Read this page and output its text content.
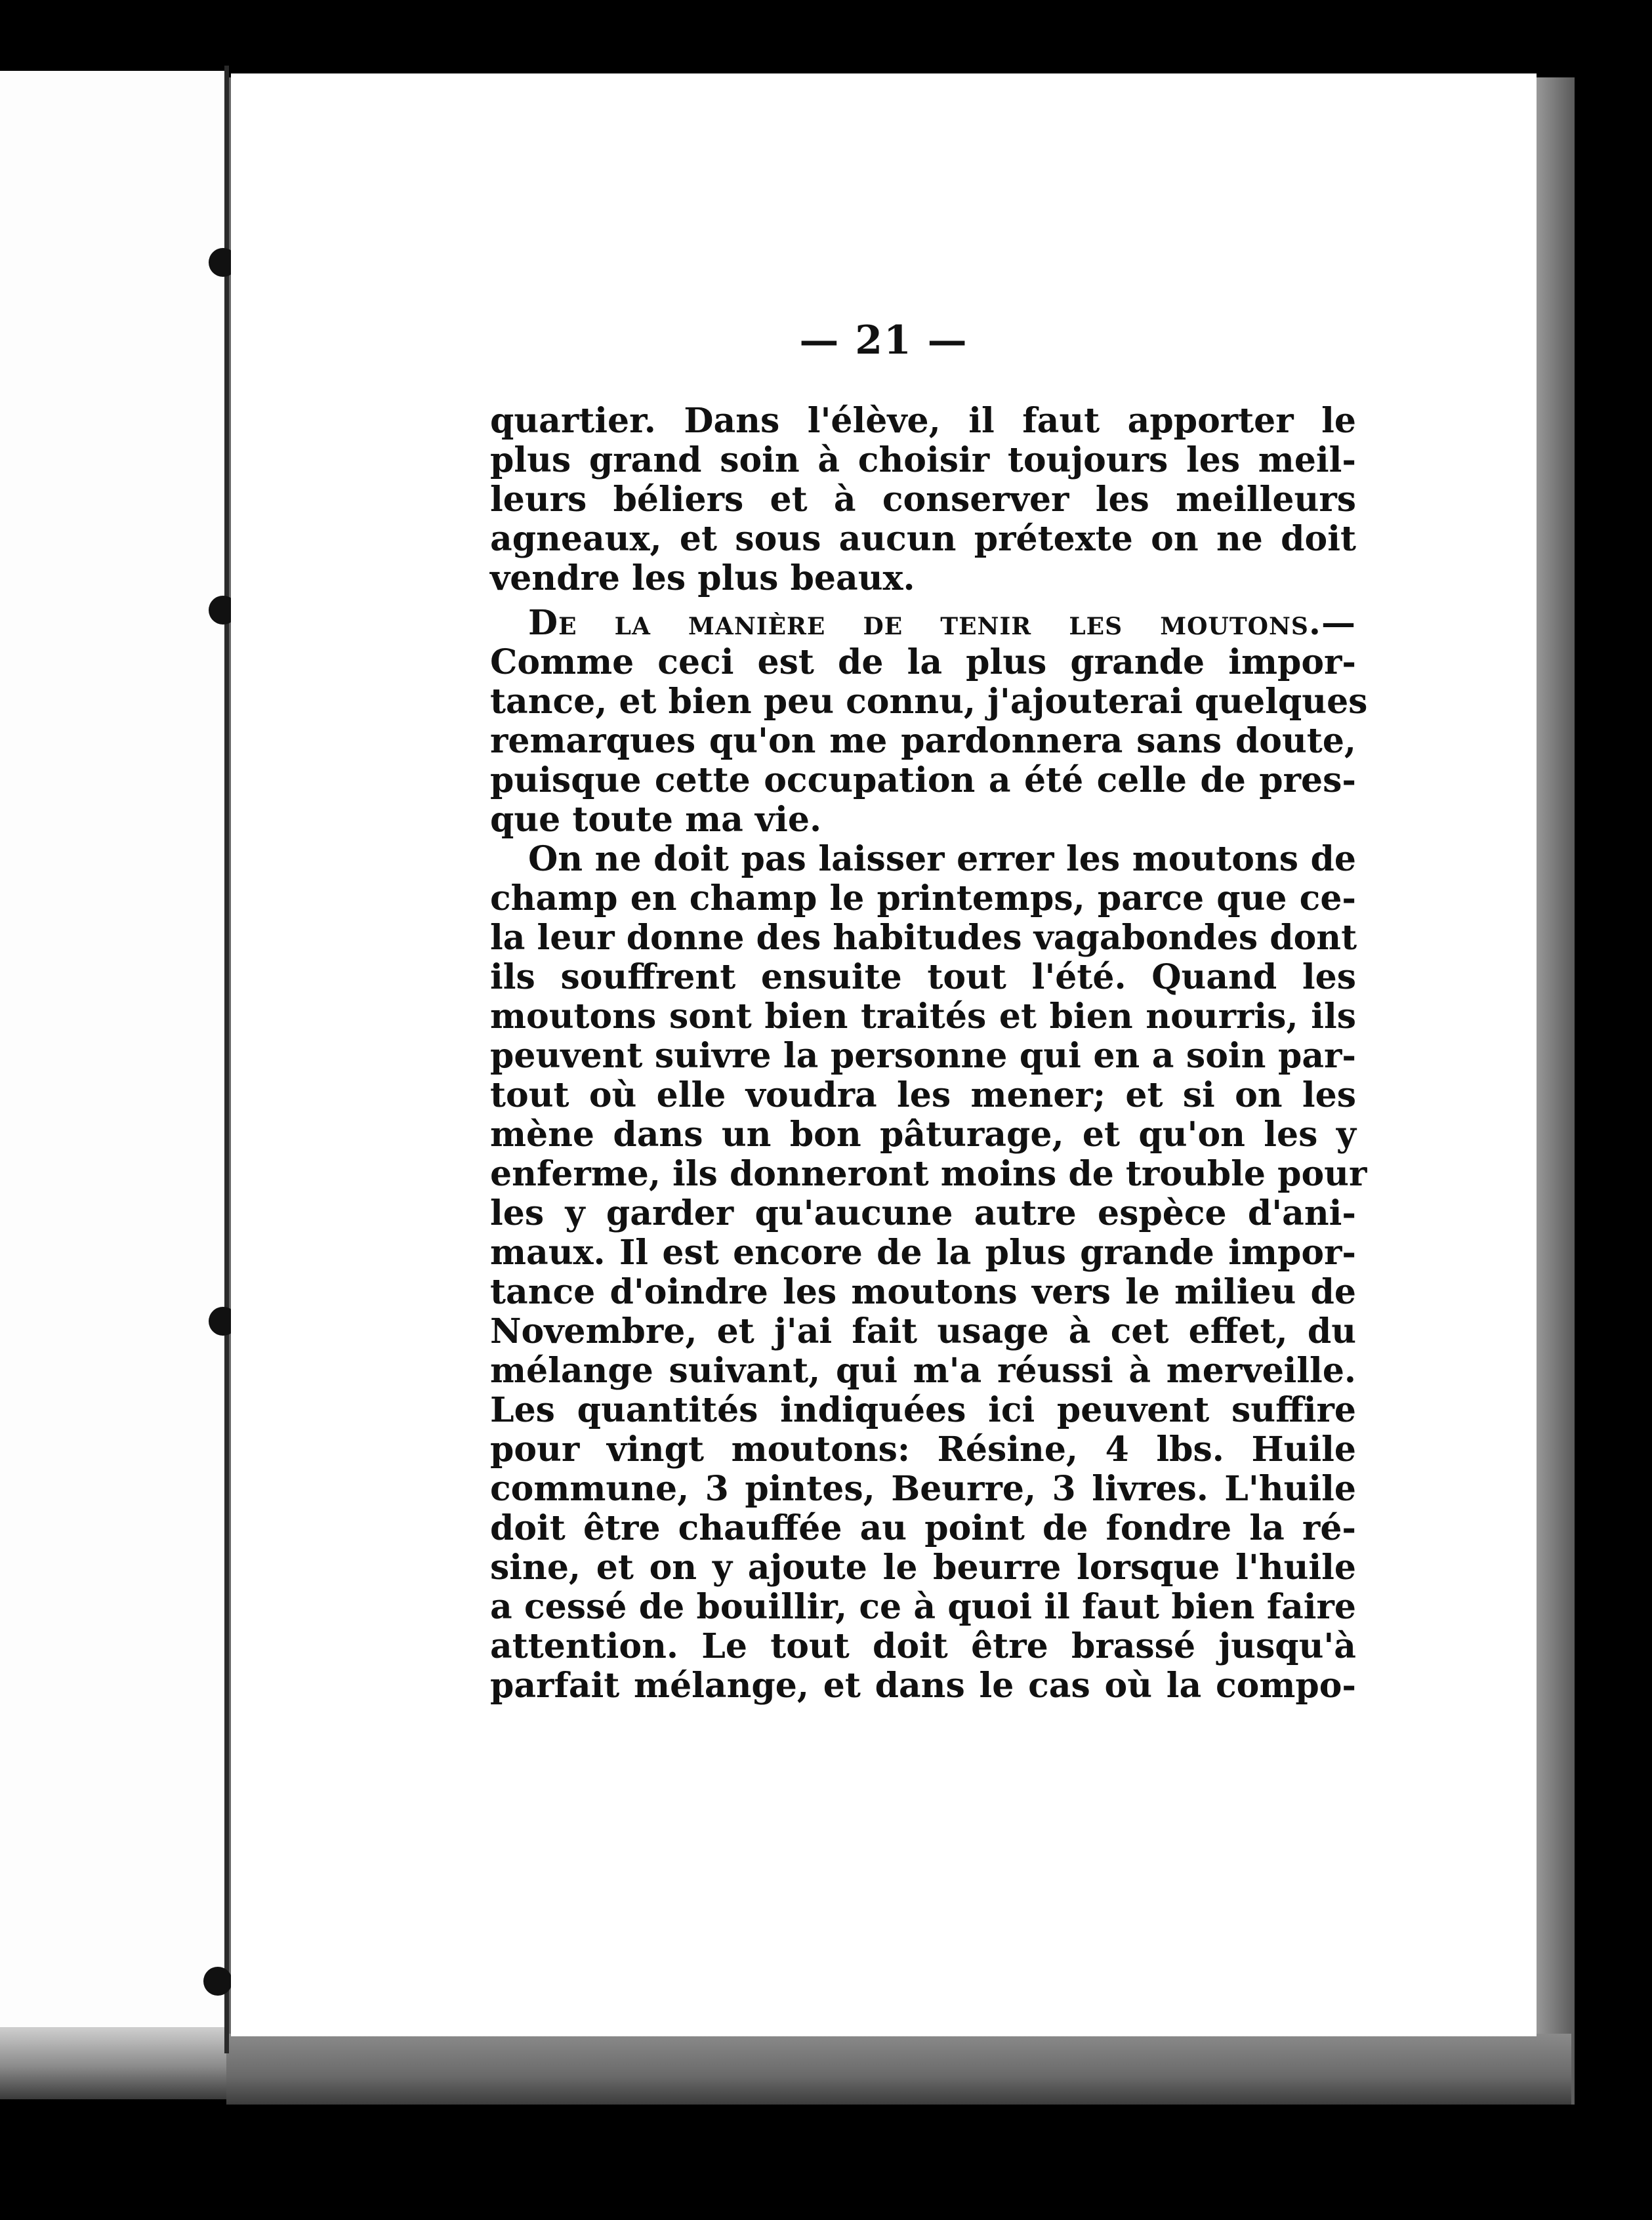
— 21 —
quartier. Dans l'élève, il faut apporter le
plus grand soin à choisir toujours les meil-
leurs béliers et à conserver les meilleurs
agneaux, et sous aucun prétexte on ne doit
vendre les plus beaux.
De la manière de tenir les moutons.—
Comme ceci est de la plus grande impor-
tance, et bien peu connu, j'ajouterai quelques
remarques qu'on me pardonnera sans doute,
puisque cette occupation a été celle de pres-
que toute ma vie.
On ne doit pas laisser errer les moutons de
champ en champ le printemps, parce que ce-
la leur donne des habitudes vagabondes dont
ils souffrent ensuite tout l'été. Quand les
moutons sont bien traités et bien nourris, ils
peuvent suivre la personne qui en a soin par-
tout où elle voudra les mener; et si on les
mène dans un bon pâturage, et qu'on les y
enferme, ils donneront moins de trouble pour
les y garder qu'aucune autre espèce d'ani-
maux. Il est encore de la plus grande impor-
tance d'oindre les moutons vers le milieu de
Novembre, et j'ai fait usage à cet effet, du
mélange suivant, qui m'a réussi à merveille.
Les quantités indiquées ici peuvent suffire
pour vingt moutons: Résine, 4 lbs. Huile
commune, 3 pintes, Beurre, 3 livres. L'huile
doit être chauffée au point de fondre la ré-
sine, et on y ajoute le beurre lorsque l'huile
a cessé de bouillir, ce à quoi il faut bien faire
attention. Le tout doit être brassé jusqu'à
parfait mélange, et dans le cas où la compo-
